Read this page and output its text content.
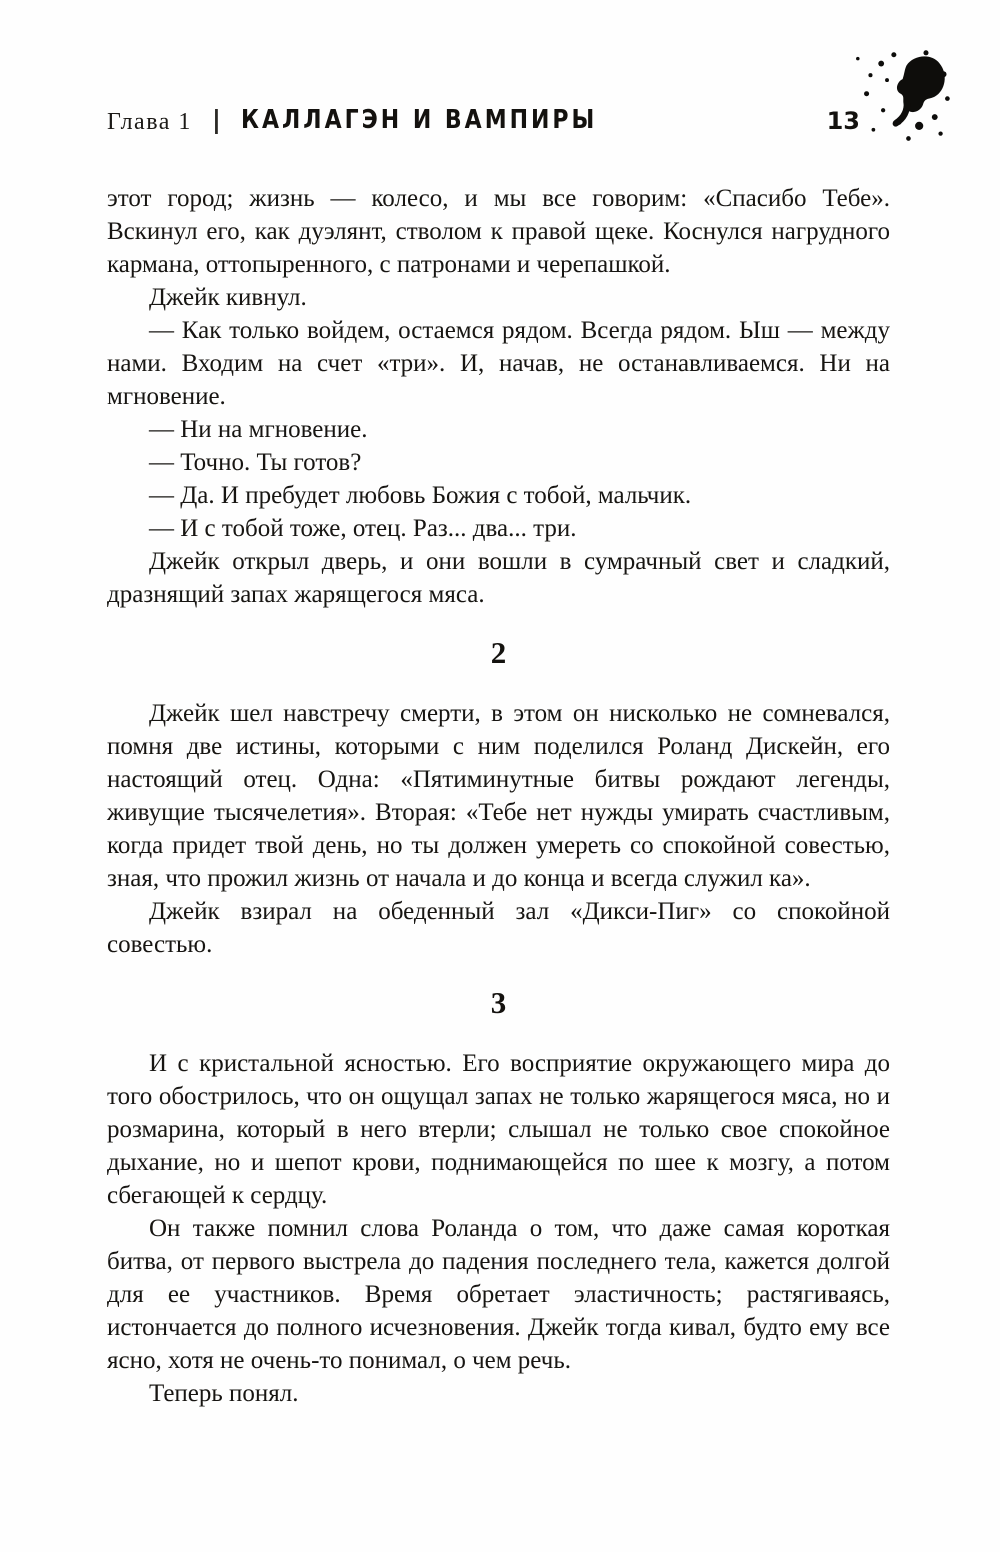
Глава 1 | КАЛЛАГЭН И ВАМПИРЫ	13

этот город; жизнь — колесо, и мы все говорим: «Спасибо Тебе». Вскинул его, как дуэлянт, стволом к правой щеке. Коснулся нагрудного кармана, оттопыренного, с патронами и черепашкой.

Джейк кивнул.

— Как только войдем, остаемся рядом. Всегда рядом. Ыш — между нами. Входим на счет «три». И, начав, не останавливаемся. Ни на мгновение.

— Ни на мгновение.

— Точно. Ты готов?

— Да. И пребудет любовь Божия с тобой, мальчик.

— И с тобой тоже, отец. Раз... два... три.

Джейк открыл дверь, и они вошли в сумрачный свет и сладкий, дразнящий запах жарящегося мяса.

2

Джейк шел навстречу смерти, в этом он нисколько не сомневался, помня две истины, которыми с ним поделился Роланд Дискейн, его настоящий отец. Одна: «Пятиминутные битвы рождают легенды, живущие тысячелетия». Вторая: «Тебе нет нужды умирать счастливым, когда придет твой день, но ты должен умереть со спокойной совестью, зная, что прожил жизнь от начала и до конца и всегда служил ка».

Джейк взирал на обеденный зал «Дикси-Пиг» со спокойной совестью.

3

И с кристальной ясностью. Его восприятие окружающего мира до того обострилось, что он ощущал запах не только жарящегося мяса, но и розмарина, который в него втерли; слышал не только свое спокойное дыхание, но и шепот крови, поднимающейся по шее к мозгу, а потом сбегающей к сердцу.

Он также помнил слова Роланда о том, что даже самая короткая битва, от первого выстрела до падения последнего тела, кажется долгой для ее участников. Время обретает эластичность; растягиваясь, истончается до полного исчезновения. Джейк тогда кивал, будто ему все ясно, хотя не очень-то понимал, о чем речь.

Теперь понял.
